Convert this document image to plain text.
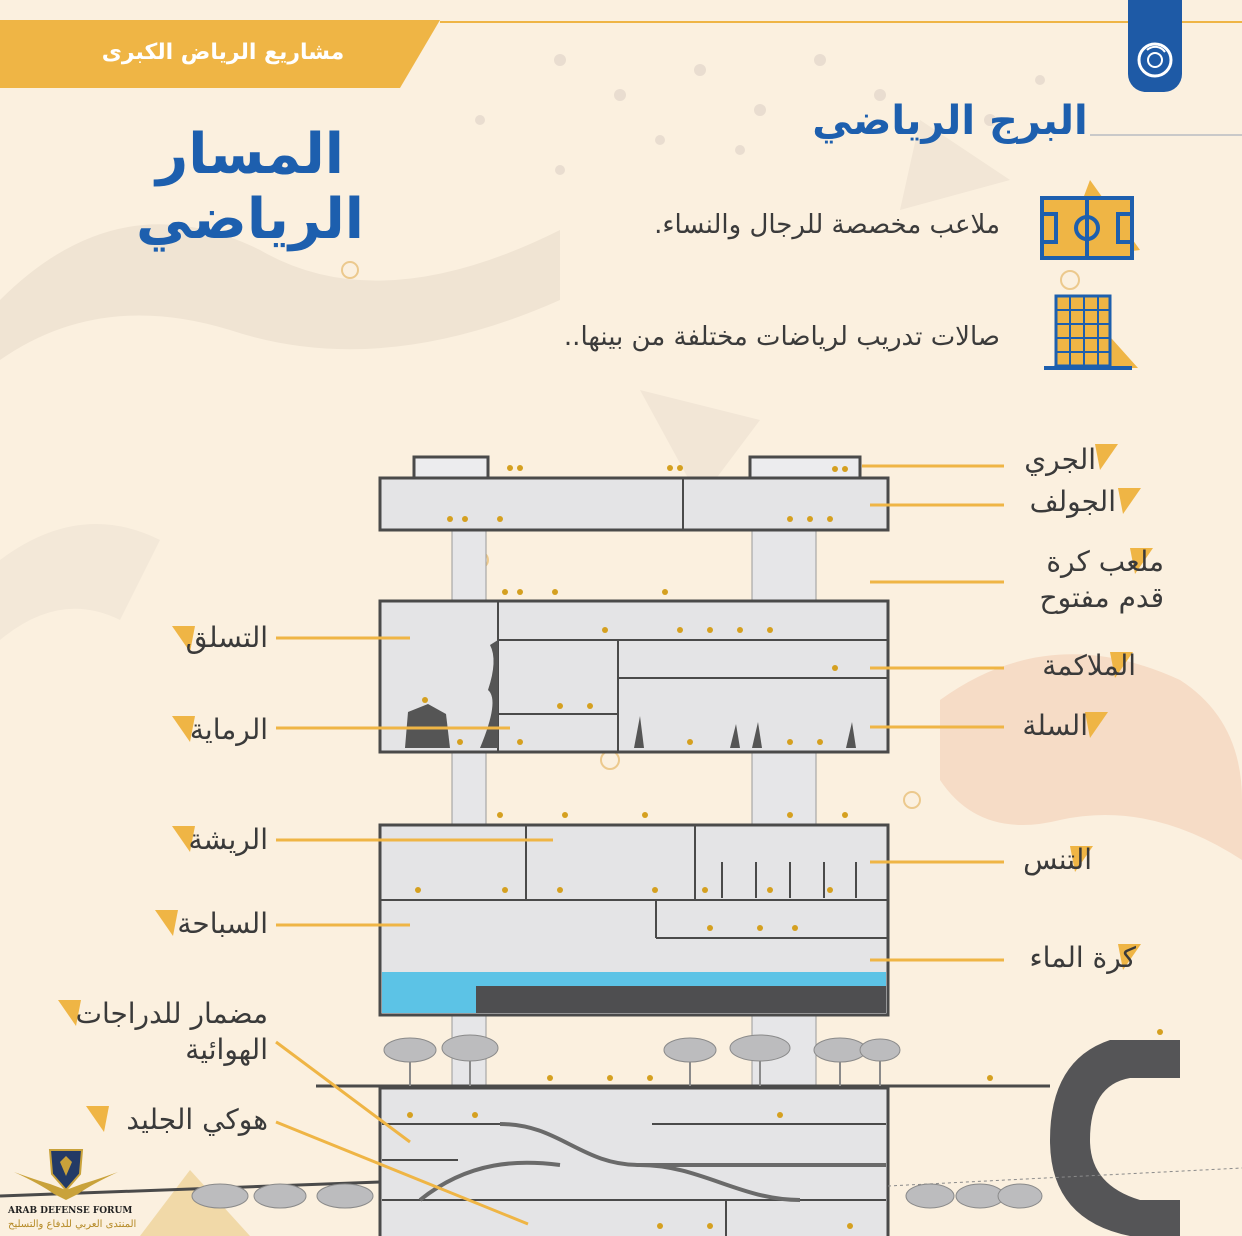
مشاريع الرياض الكبرى
المسار الرياضي
البرج الرياضي
ملاعب مخصصة للرجال والنساء.
صالات تدريب لرياضات مختلفة من بينها..
الجري
الجولف
ملعب كرة قدم مفتوح
الملاكمة
السلة
التنس
كرة الماء
التسلق
الرماية
الريشة
السباحة
مضمار للدراجات الهوائية
هوكي الجليد
ARAB DEFENSE FORUM
المنتدى العربي للدفاع والتسليح
